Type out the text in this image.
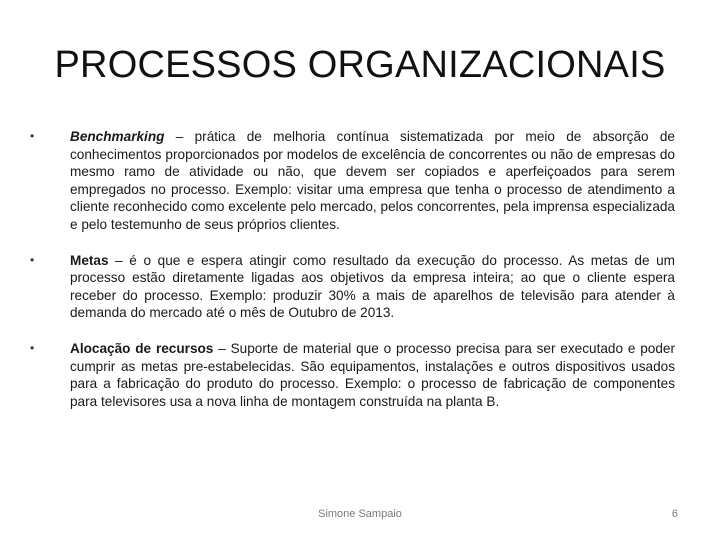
PROCESSOS ORGANIZACIONAIS
•	Benchmarking – prática de melhoria contínua sistematizada por meio de absorção de conhecimentos proporcionados por modelos de excelência de concorrentes ou não de empresas do mesmo ramo de atividade ou não, que devem ser copiados e aperfeiçoados para serem empregados no processo. Exemplo: visitar uma empresa que tenha o processo de atendimento a cliente reconhecido como excelente pelo mercado, pelos concorrentes, pela imprensa especializada e pelo testemunho de seus próprios clientes.
•	Metas – é o que e espera atingir como resultado da execução do processo. As metas de um processo estão diretamente ligadas aos objetivos da empresa inteira; ao que o cliente espera receber do processo. Exemplo: produzir 30% a mais de aparelhos de televisão para atender à demanda do mercado até o mês de Outubro de 2013.
•	Alocação de recursos – Suporte de material que o processo precisa para ser executado e poder cumprir as metas pre-estabelecidas. São equipamentos, instalações e outros dispositivos usados para a fabricação do produto do processo. Exemplo: o processo de fabricação de componentes para televisores usa a nova linha de montagem construída na planta B.
Simone Sampaio	6
